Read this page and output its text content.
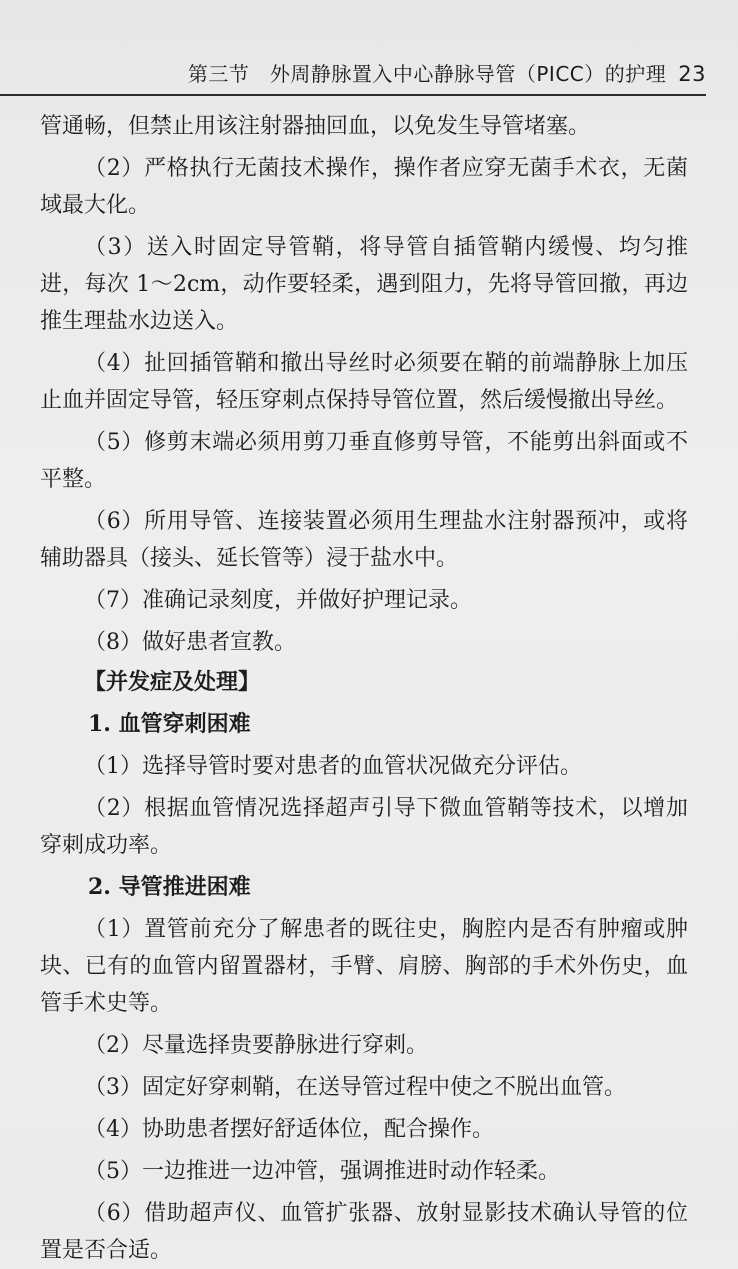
第三节　外周静脉置入中心静脉导管（PICC）的护理 23

管通畅，但禁止用该注射器抽回血，以免发生导管堵塞。

（2）严格执行无菌技术操作，操作者应穿无菌手术衣，无菌域最大化。

（3）送入时固定导管鞘，将导管自插管鞘内缓慢、均匀推进，每次 1～2cm，动作要轻柔，遇到阻力，先将导管回撤，再边推生理盐水边送入。

（4）扯回插管鞘和撤出导丝时必须要在鞘的前端静脉上加压止血并固定导管，轻压穿刺点保持导管位置，然后缓慢撤出导丝。

（5）修剪末端必须用剪刀垂直修剪导管，不能剪出斜面或不平整。

（6）所用导管、连接装置必须用生理盐水注射器预冲，或将辅助器具（接头、延长管等）浸于盐水中。

（7）准确记录刻度，并做好护理记录。

（8）做好患者宣教。

【并发症及处理】

1. 血管穿刺困难

（1）选择导管时要对患者的血管状况做充分评估。

（2）根据血管情况选择超声引导下微血管鞘等技术，以增加穿刺成功率。

2. 导管推进困难

（1）置管前充分了解患者的既往史，胸腔内是否有肿瘤或肿块、已有的血管内留置器材，手臂、肩膀、胸部的手术外伤史，血管手术史等。

（2）尽量选择贵要静脉进行穿刺。

（3）固定好穿刺鞘，在送导管过程中使之不脱出血管。

（4）协助患者摆好舒适体位，配合操作。

（5）一边推进一边冲管，强调推进时动作轻柔。

（6）借助超声仪、血管扩张器、放射显影技术确认导管的位置是否合适。
